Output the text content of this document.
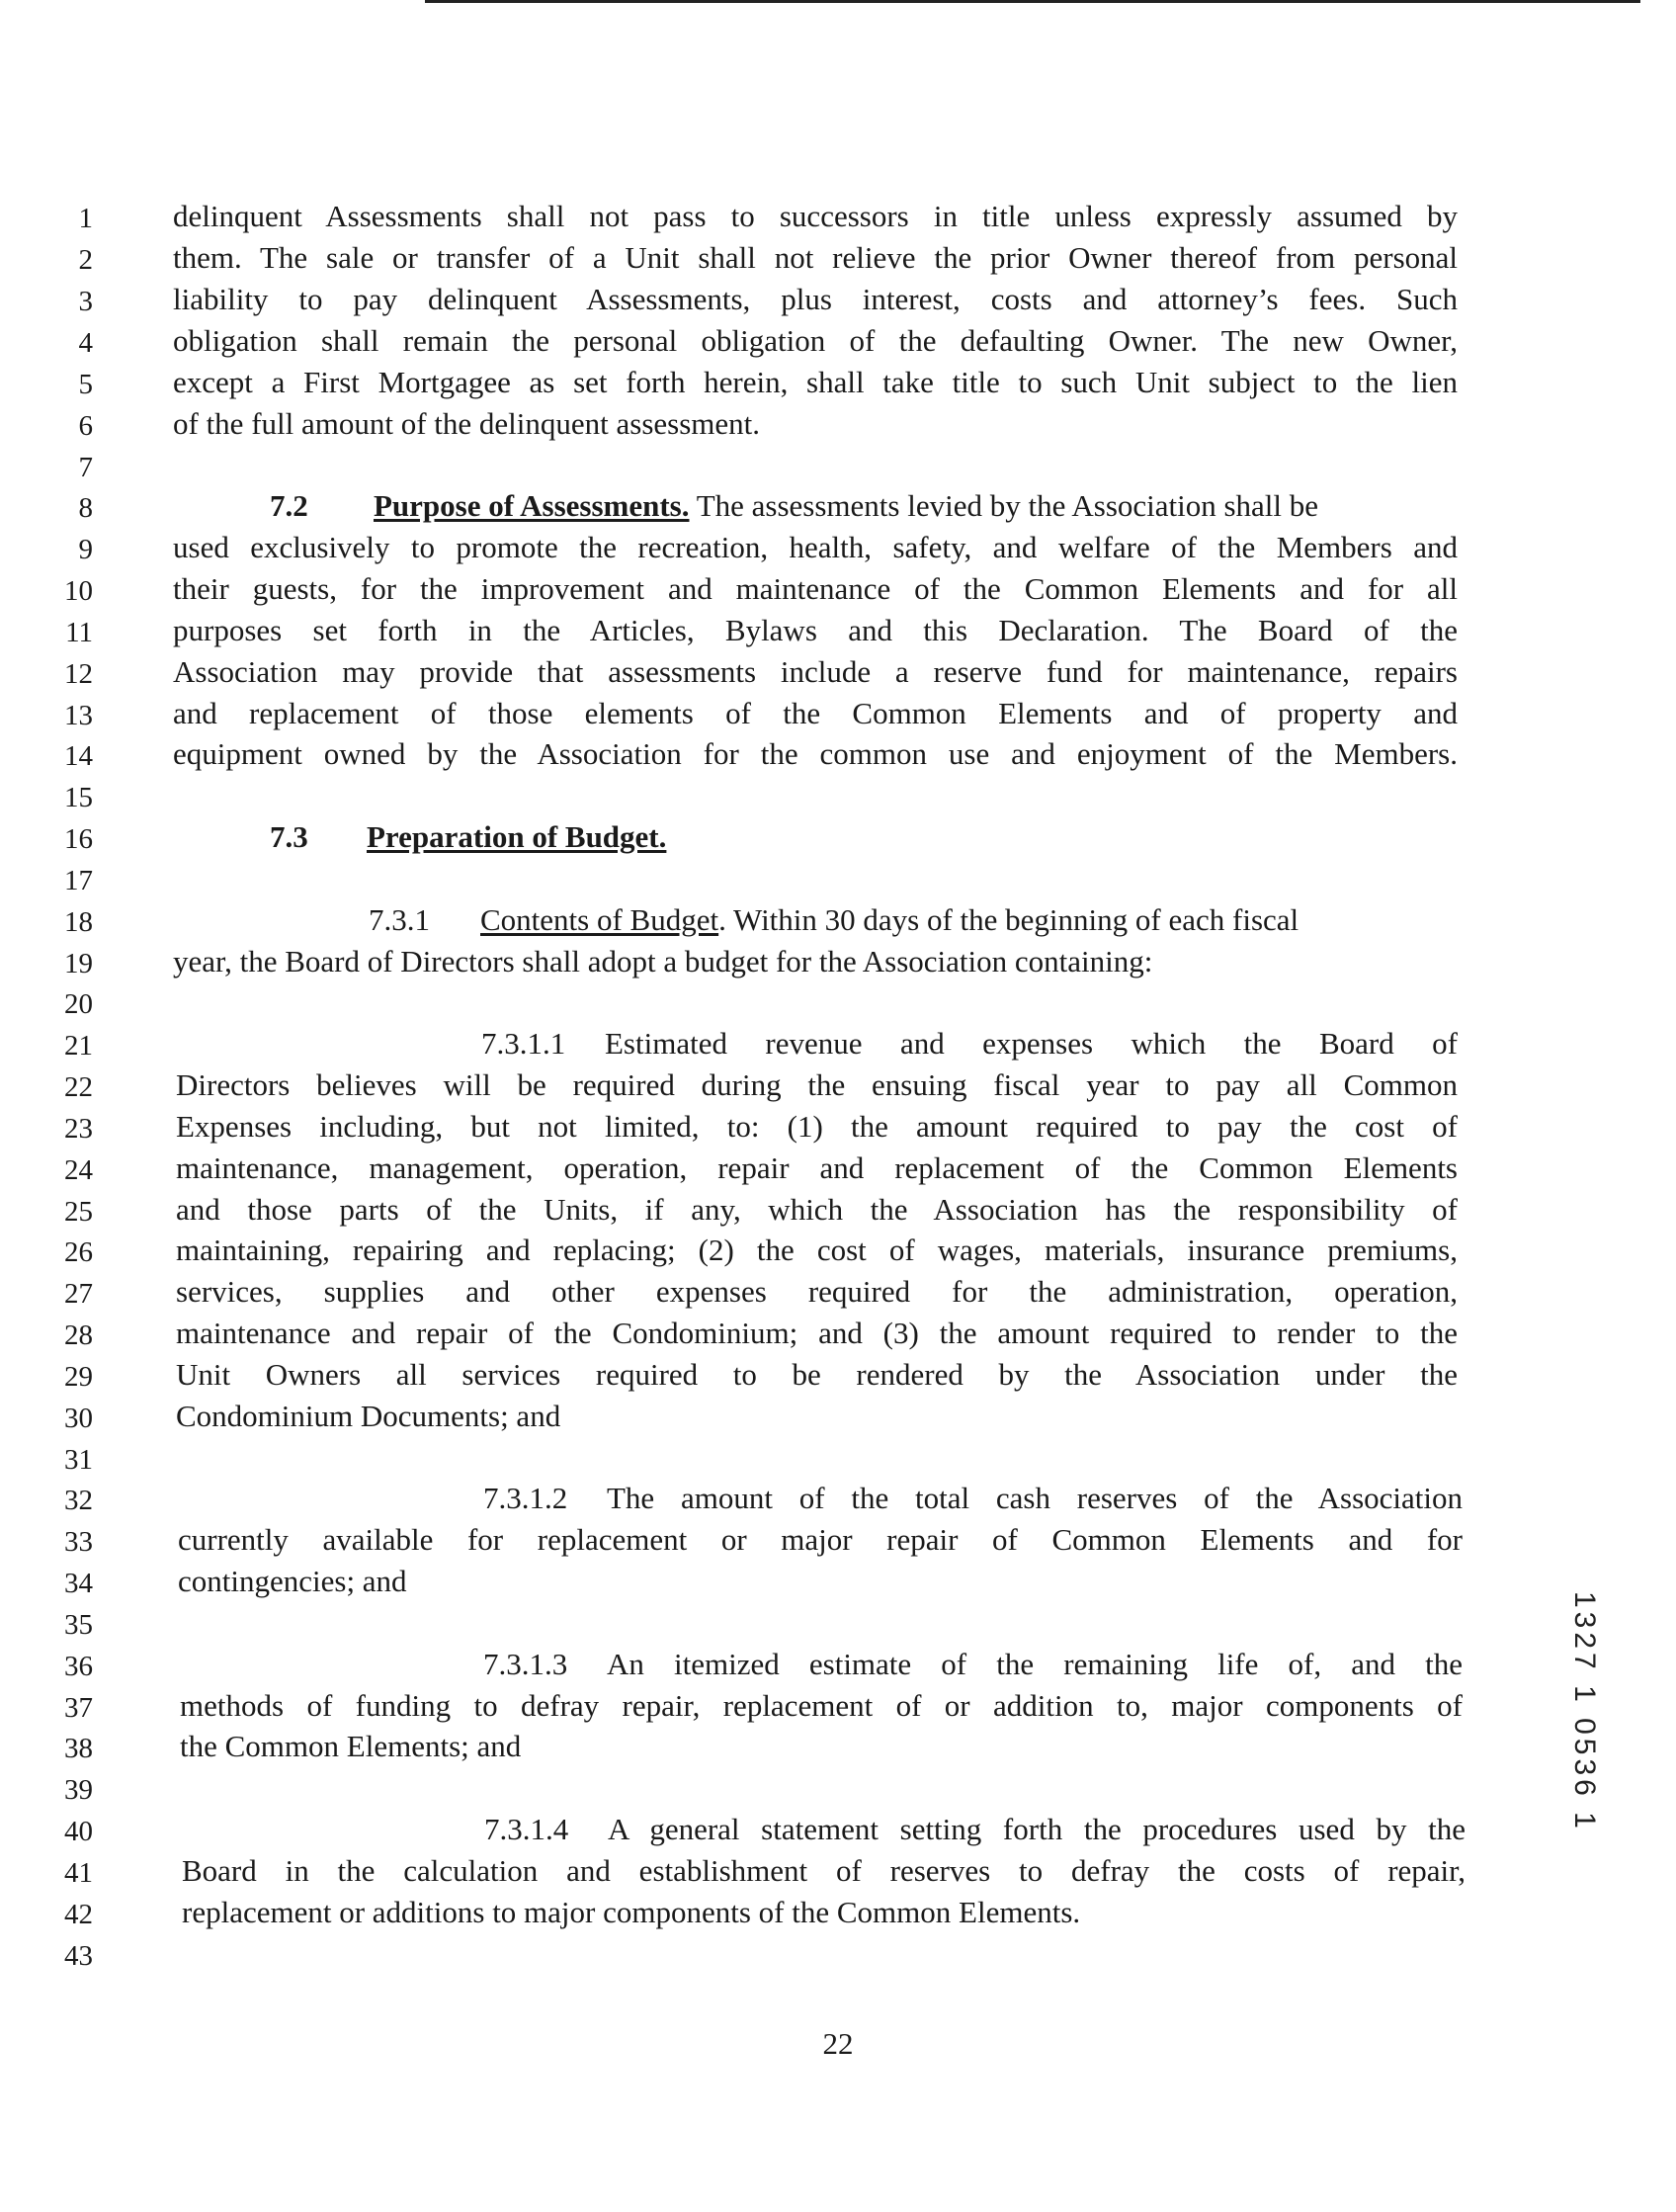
1
2
3
4
5
6
7
8
9
10
11
12
13
14
15
16
17
18
19
20
21
22
23
24
25
26
27
28
29
30
31
32
33
34
35
36
37
38
39
40
41
42
43
delinquent Assessments shall not pass to successors in title unless expressly assumed by
them. The sale or transfer of a Unit shall not relieve the prior Owner thereof from personal
liability to pay delinquent Assessments, plus interest, costs and attorney’s fees. Such
obligation shall remain the personal obligation of the defaulting Owner. The new Owner,
except a First Mortgagee as set forth herein, shall take title to such Unit subject to the lien
of the full amount of the delinquent assessment.
7.2 Purpose of Assessments. The assessments levied by the Association shall be
used exclusively to promote the recreation, health, safety, and welfare of the Members and
their guests, for the improvement and maintenance of the Common Elements and for all
purposes set forth in the Articles, Bylaws and this Declaration. The Board of the
Association may provide that assessments include a reserve fund for maintenance, repairs
and replacement of those elements of the Common Elements and of property and
equipment owned by the Association for the common use and enjoyment of the Members.
7.3 Preparation of Budget.
7.3.1 Contents of Budget. Within 30 days of the beginning of each fiscal
year, the Board of Directors shall adopt a budget for the Association containing:
7.3.1.1 Estimated revenue and expenses which the Board of
Directors believes will be required during the ensuing fiscal year to pay all Common
Expenses including, but not limited, to: (1) the amount required to pay the cost of
maintenance, management, operation, repair and replacement of the Common Elements
and those parts of the Units, if any, which the Association has the responsibility of
maintaining, repairing and replacing; (2) the cost of wages, materials, insurance premiums,
services, supplies and other expenses required for the administration, operation,
maintenance and repair of the Condominium; and (3) the amount required to render to the
Unit Owners all services required to be rendered by the Association under the
Condominium Documents; and
7.3.1.2 The amount of the total cash reserves of the Association
currently available for replacement or major repair of Common Elements and for
contingencies; and
7.3.1.3 An itemized estimate of the remaining life of, and the
methods of funding to defray repair, replacement of or addition to, major components of
the Common Elements; and
7.3.1.4 A general statement setting forth the procedures used by the
Board in the calculation and establishment of reserves to defray the costs of repair,
replacement or additions to major components of the Common Elements.
22
1327 1 0536 1
